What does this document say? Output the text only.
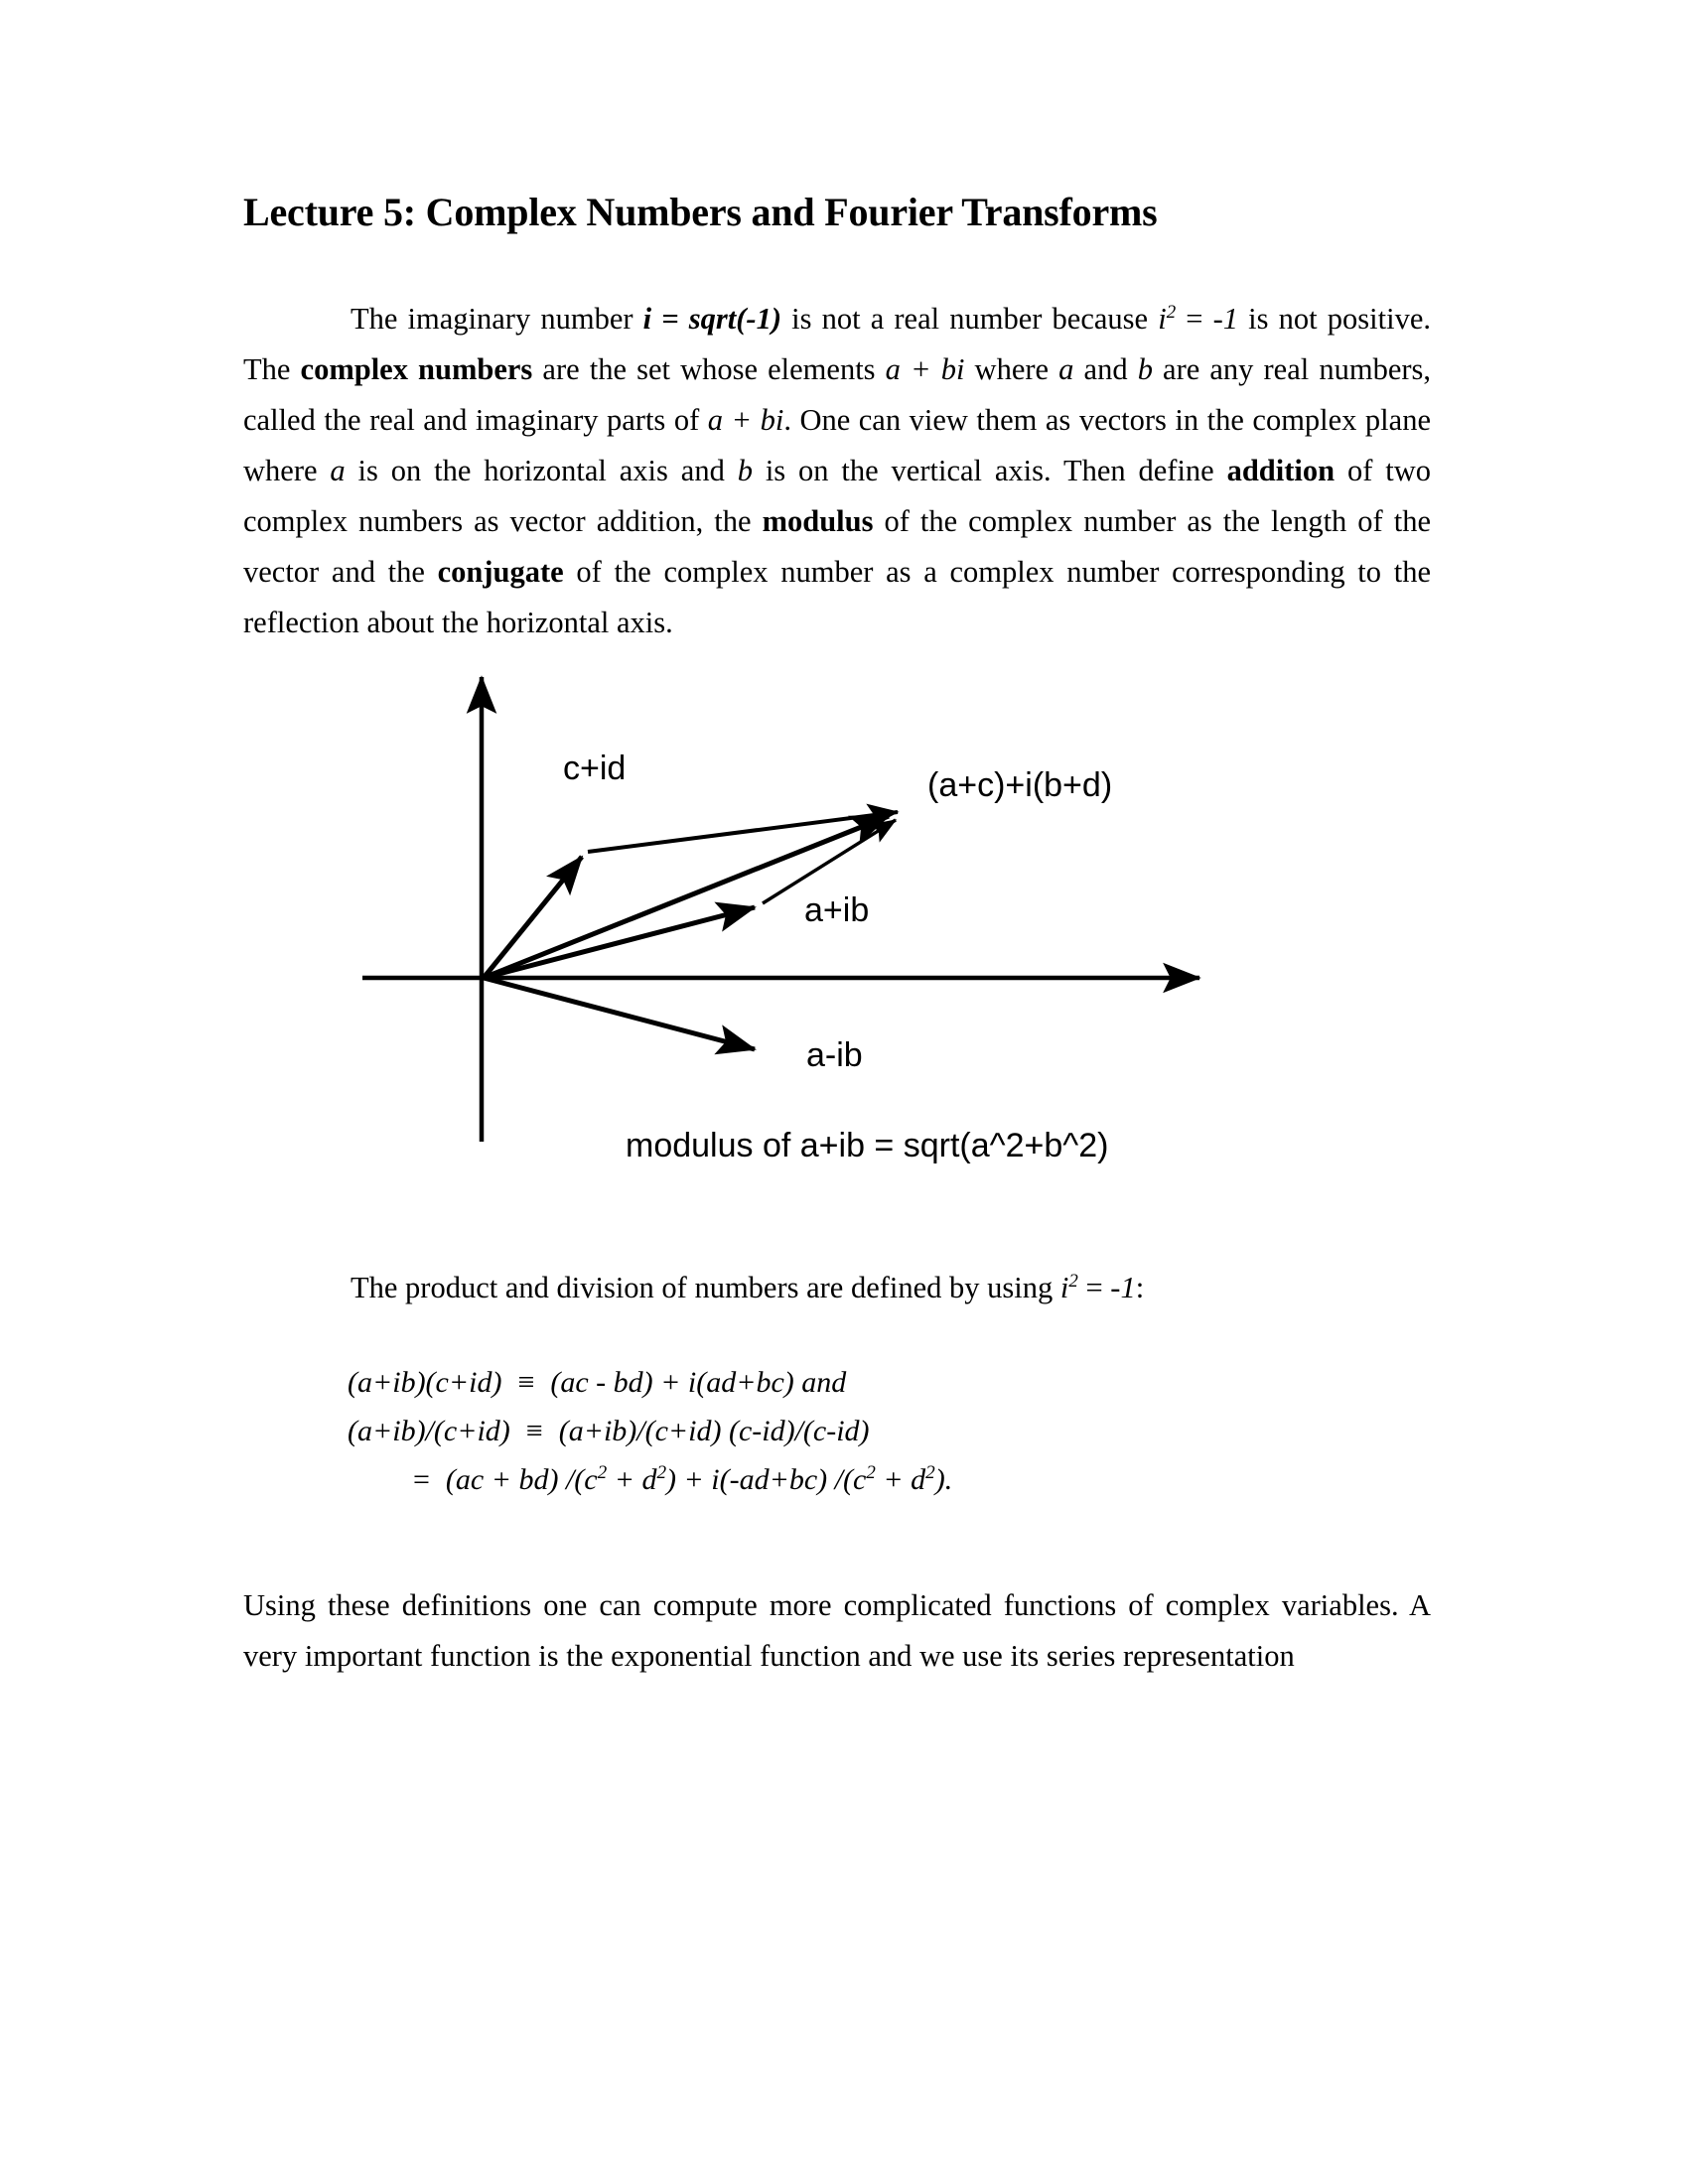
Lecture 5: Complex Numbers and Fourier Transforms

The imaginary number i = sqrt(-1) is not a real number because $i^2 = -1$ is not positive. The complex numbers are the set whose elements a + bi where a and b are any real numbers, called the real and imaginary parts of a + bi. One can view them as vectors in the complex plane where a is on the horizontal axis and b is on the vertical axis. Then define addition of two complex numbers as vector addition, the modulus of the complex number as the length of the vector and the conjugate of the complex number as a complex number corresponding to the reflection about the horizontal axis.

(a+c)+i(b+d)
c+id
a+ib
a-ib
modulus of a+ib = sqrt(a^2+b^2)

The product and division of numbers are defined by using $i^2 = -1$:

(a+ib)(c+id) ≡ (ac - bd) + i(ad+bc) and
(a+ib)/(c+id) ≡ (a+ib)/(c+id) (c-id)/(c-id)
= (ac + bd) $/(c^2 + d^2) + i(-ad+bc) /(c^2 + d^2)$.

Using these definitions one can compute more complicated functions of complex variables. A very important function is the exponential function and we use its series representation
